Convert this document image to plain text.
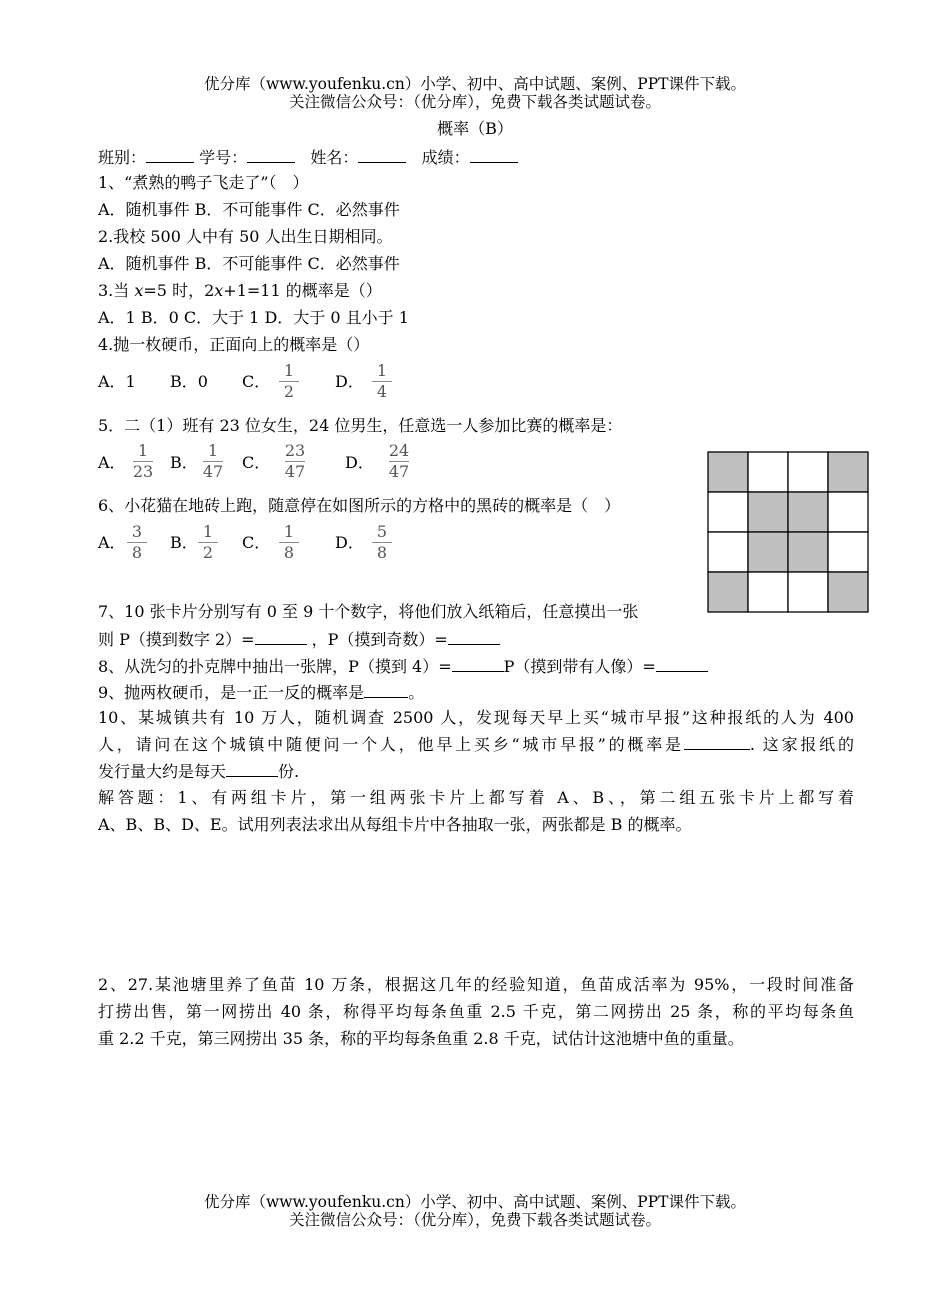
优分库（www.youfenku.cn）小学、初中、高中试题、案例、PPT课件下载。
关注微信公众号：（优分库），免费下载各类试题试卷。
概率（B）
班别：	学号：	姓名：	成绩：
1、“煮熟的鸭子飞走了”（　）
A．随机事件 B．不可能事件 C．必然事件
2.我校 500 人中有 50 人出生日期相同。
A．随机事件 B．不可能事件 C．必然事件
3.当 x=5 时，2x+1=11 的概率是（）
A．1 B．0 C．大于 1 D．大于 0 且小于 1
4.抛一枚硬币，正面向上的概率是（）
A．1 B．0 C．
1
2
D．
1
4
5．二（1）班有 23 位女生，24 位男生，任意选一人参加比赛的概率是：
A．
1
23 B．
1
47 C．
23
47 D．
24
47
6、小花猫在地砖上跑，随意停在如图所示的方格中的黑砖的概率是（　）
A．
3
8
B．
1
2
C．
1
8
D．
5
8
7、10 张卡片分别写有 0 至 9 十个数字，将他们放入纸箱后，任意摸出一张
则 P（摸到数字 2）=	，P（摸到奇数）=
8、从洗匀的扑克牌中抽出一张牌，P（摸到 4）=	P（摸到带有人像）=
9、抛两枚硬币，是一正一反的概率是	。
10、某城镇共有 10 万人，随机调查 2500 人，发现每天早上买“城市早报”这种报纸的人为 400
人，请问在这个城镇中随便问一个人，他早上买乡“城市早报”的概率是	. 这家报纸的
发行量大约是每天	份.
解答题：1、有两组卡片，第一组两张卡片上都写着 A、B、，第二组五张卡片上都写着
A、B、B、D、E。试用列表法求出从每组卡片中各抽取一张，两张都是 B 的概率。
2、27.某池塘里养了鱼苗 10 万条，根据这几年的经验知道，鱼苗成活率为 95%，一段时间准备
打捞出售，第一网捞出 40 条，称得平均每条鱼重 2.5 千克，第二网捞出 25 条，称的平均每条鱼
重 2.2 千克，第三网捞出 35 条，称的平均每条鱼重 2.8 千克，试估计这池塘中鱼的重量。
优分库（www.youfenku.cn）小学、初中、高中试题、案例、PPT课件下载。
关注微信公众号：（优分库），免费下载各类试题试卷。
